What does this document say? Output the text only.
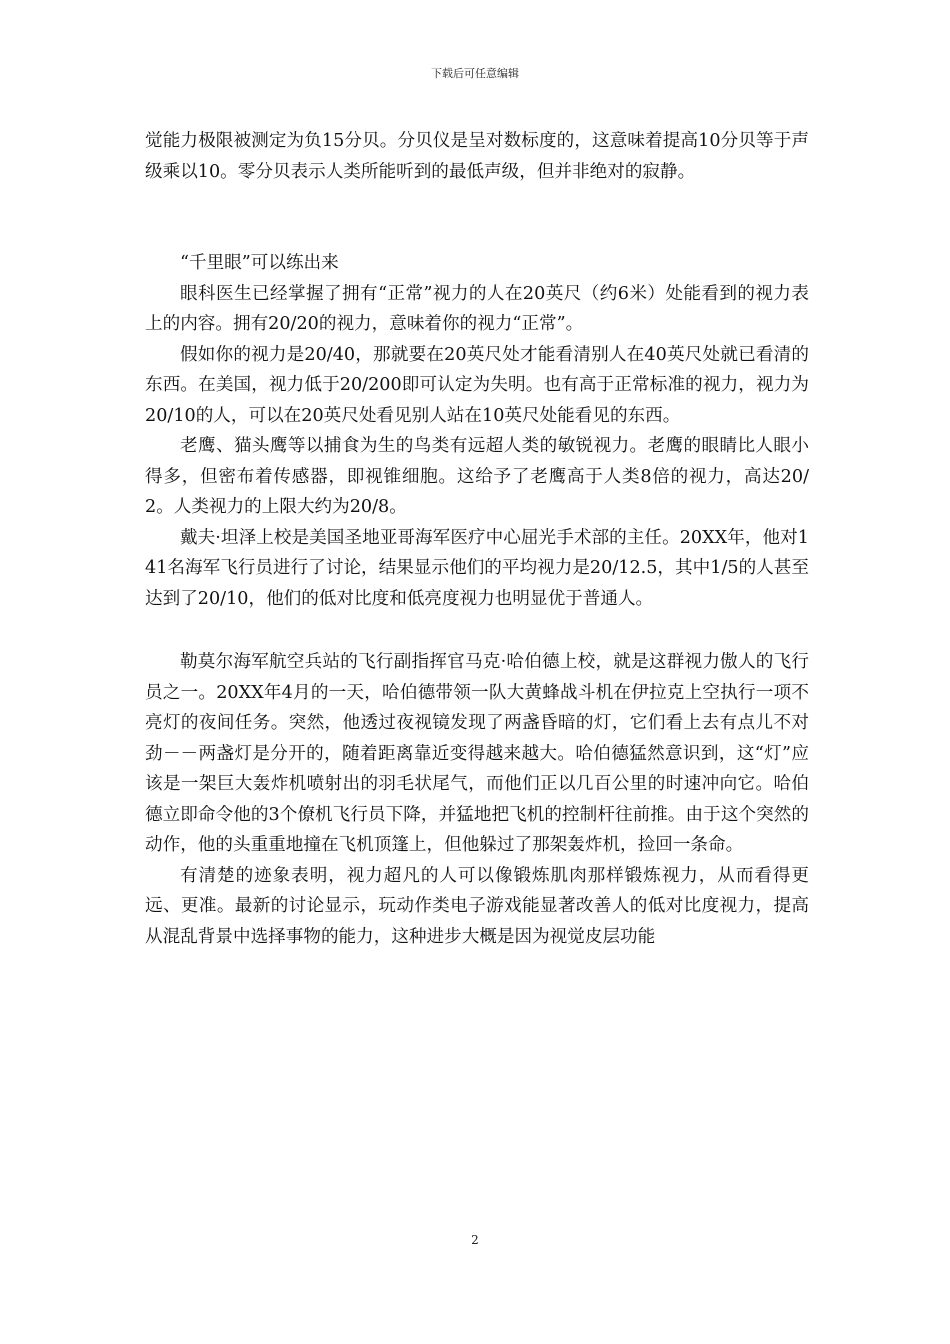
下载后可任意编辑

觉能力极限被测定为负15分贝。分贝仪是呈对数标度的，这意味着提高10分贝等于声级乘以10。零分贝表示人类所能听到的最低声级，但并非绝对的寂静。

“千里眼”可以练出来

眼科医生已经掌握了拥有“正常”视力的人在20英尺（约6米）处能看到的视力表上的内容。拥有20/20的视力，意味着你的视力“正常”。

假如你的视力是20/40，那就要在20英尺处才能看清别人在40英尺处就已看清的东西。在美国，视力低于20/200即可认定为失明。也有高于正常标准的视力，视力为20/10的人，可以在20英尺处看见别人站在10英尺处能看见的东西。

老鹰、猫头鹰等以捕食为生的鸟类有远超人类的敏锐视力。老鹰的眼睛比人眼小得多，但密布着传感器，即视锥细胞。这给予了老鹰高于人类8倍的视力，高达20/2。人类视力的上限大约为20/8。

戴夫·坦泽上校是美国圣地亚哥海军医疗中心屈光手术部的主任。20XX年，他对141名海军飞行员进行了讨论，结果显示他们的平均视力是20/12.5，其中1/5的人甚至达到了20/10，他们的低对比度和低亮度视力也明显优于普通人。

勒莫尔海军航空兵站的飞行副指挥官马克·哈伯德上校，就是这群视力傲人的飞行员之一。20XX年4月的一天，哈伯德带领一队大黄蜂战斗机在伊拉克上空执行一项不亮灯的夜间任务。突然，他透过夜视镜发现了两盏昏暗的灯，它们看上去有点儿不对劲－－两盏灯是分开的，随着距离靠近变得越来越大。哈伯德猛然意识到，这“灯”应该是一架巨大轰炸机喷射出的羽毛状尾气，而他们正以几百公里的时速冲向它。哈伯德立即命令他的3个僚机飞行员下降，并猛地把飞机的控制杆往前推。由于这个突然的动作，他的头重重地撞在飞机顶篷上，但他躲过了那架轰炸机，捡回一条命。

有清楚的迹象表明，视力超凡的人可以像锻炼肌肉那样锻炼视力，从而看得更远、更准。最新的讨论显示，玩动作类电子游戏能显著改善人的低对比度视力，提高从混乱背景中选择事物的能力，这种进步大概是因为视觉皮层功能

2
